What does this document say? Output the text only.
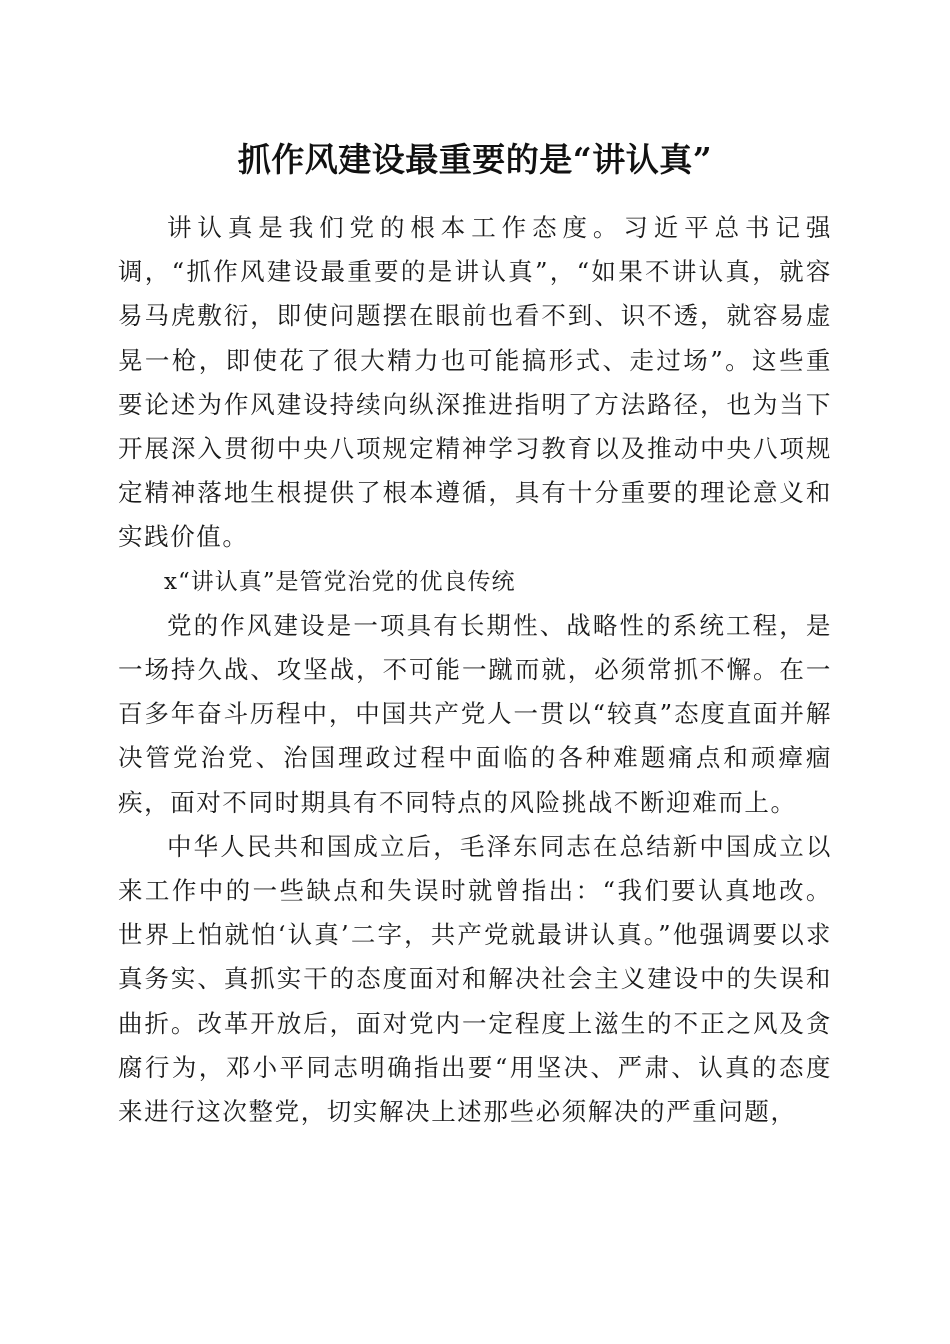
抓作风建设最重要的是“讲认真”

讲认真是我们党的根本工作态度。习近平总书记强调，“抓作风建设最重要的是讲认真”，“如果不讲认真，就容易马虎敷衍，即使问题摆在眼前也看不到、识不透，就容易虚晃一枪，即使花了很大精力也可能搞形式、走过场”。这些重要论述为作风建设持续向纵深推进指明了方法路径，也为当下开展深入贯彻中央八项规定精神学习教育以及推动中央八项规定精神落地生根提供了根本遵循，具有十分重要的理论意义和实践价值。

x“讲认真”是管党治党的优良传统

党的作风建设是一项具有长期性、战略性的系统工程，是一场持久战、攻坚战，不可能一蹴而就，必须常抓不懈。在一百多年奋斗历程中，中国共产党人一贯以“较真”态度直面并解决管党治党、治国理政过程中面临的各种难题痛点和顽瘴痼疾，面对不同时期具有不同特点的风险挑战不断迎难而上。

中华人民共和国成立后，毛泽东同志在总结新中国成立以来工作中的一些缺点和失误时就曾指出：“我们要认真地改。世界上怕就怕‘认真’二字，共产党就最讲认真。”他强调要以求真务实、真抓实干的态度面对和解决社会主义建设中的失误和曲折。改革开放后，面对党内一定程度上滋生的不正之风及贪腐行为，邓小平同志明确指出要“用坚决、严肃、认真的态度来进行这次整党，切实解决上述那些必须解决的严重问题，
